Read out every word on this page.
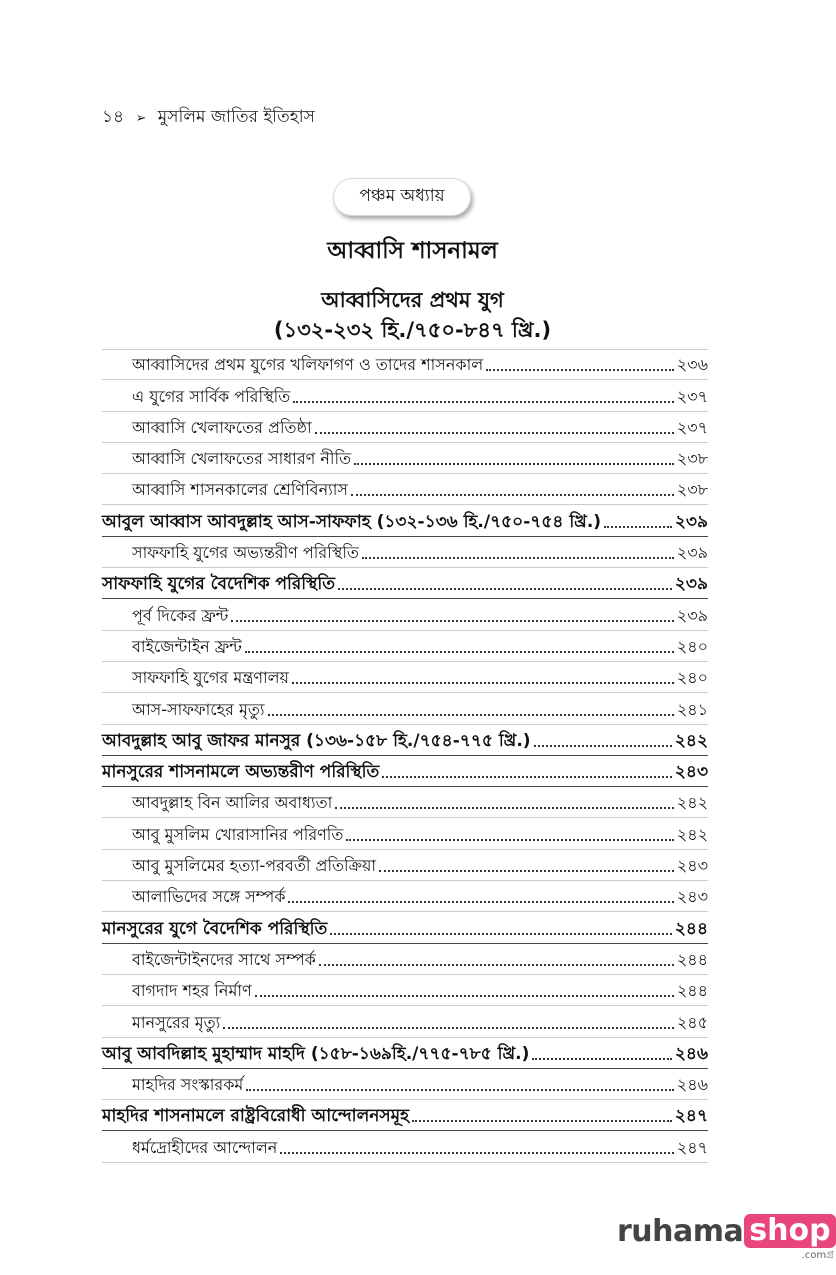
১৪ ➢ মুসলিম জাতির ইতিহাস
পঞ্চম অধ্যায়
আব্বাসি শাসনামল
আব্বাসিদের প্রথম যুগ
(১৩২-২৩২ হি./৭৫০-৮৪৭ খ্রি.)
আব্বাসিদের প্রথম যুগের খলিফাগণ ও তাদের শাসনকাল	২৩৬
এ যুগের সার্বিক পরিস্থিতি	২৩৭
আব্বাসি খেলাফতের প্রতিষ্ঠা	২৩৭
আব্বাসি খেলাফতের সাধারণ নীতি	২৩৮
আব্বাসি শাসনকালের শ্রেণিবিন্যাস	২৩৮
আবুল আব্বাস আবদুল্লাহ আস-সাফফাহ (১৩২-১৩৬ হি./৭৫০-৭৫৪ খ্রি.)	২৩৯
সাফফাহি যুগের অভ্যন্তরীণ পরিস্থিতি	২৩৯
সাফফাহি যুগের বৈদেশিক পরিস্থিতি	২৩৯
পূর্ব দিকের ফ্রন্ট	২৩৯
বাইজেন্টাইন ফ্রন্ট	২৪০
সাফফাহি যুগের মন্ত্রণালয়	২৪০
আস-সাফফাহের মৃত্যু	২৪১
আবদুল্লাহ আবু জাফর মানসুর (১৩৬-১৫৮ হি./৭৫৪-৭৭৫ খ্রি.)	২৪২
মানসুরের শাসনামলে অভ্যন্তরীণ পরিস্থিতি	২৪৩
আবদুল্লাহ বিন আলির অবাধ্যতা	২৪২
আবু মুসলিম খোরাসানির পরিণতি	২৪২
আবু মুসলিমের হত্যা-পরবর্তী প্রতিক্রিয়া	২৪৩
আলাভিদের সঙ্গে সম্পর্ক	২৪৩
মানসুরের যুগে বৈদেশিক পরিস্থিতি	২৪৪
বাইজেন্টাইনদের সাথে সম্পর্ক	২৪৪
বাগদাদ শহর নির্মাণ	২৪৪
মানসুরের মৃত্যু	২৪৫
আবু আবদিল্লাহ মুহাম্মাদ মাহদি (১৫৮-১৬৯হি./৭৭৫-৭৮৫ খ্রি.)	২৪৬
মাহদির সংস্কারকর্ম	২৪৬
মাহদির শাসনামলে রাষ্ট্রবিরোধী আন্দোলনসমূহ	২৪৭
ধর্মদ্রোহীদের আন্দোলন	২৪৭
ruhama shop
.comগ্র
